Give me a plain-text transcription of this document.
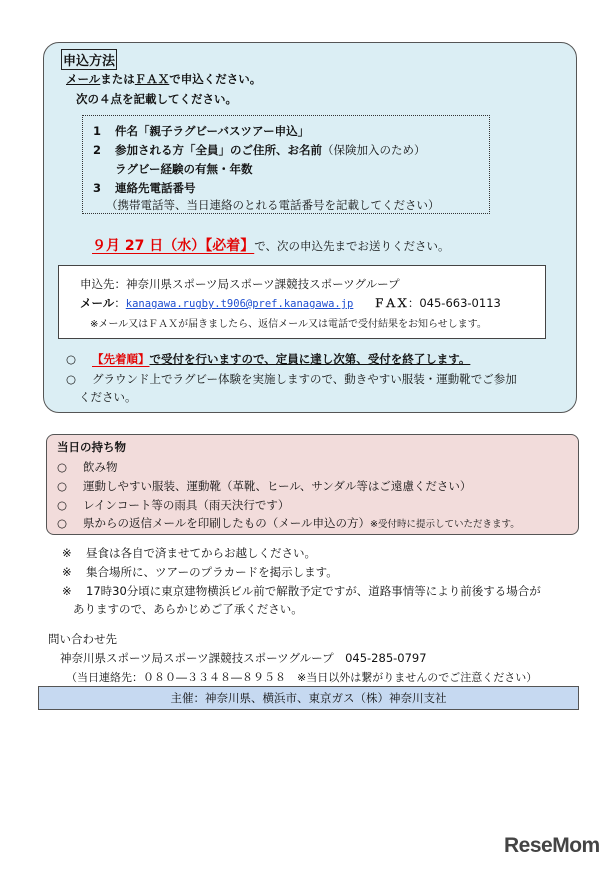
申込方法
メールまたはＦＡＸで申込ください。
次の４点を記載してください。
1 件名「親子ラグビーバスツアー申込」
2 参加される方「全員」のご住所、お名前（保険加入のため）
ラグビー経験の有無・年数
3 連絡先電話番号
（携帯電話等、当日連絡のとれる電話番号を記載してください）
９月 27 日（水）【必着】で、次の申込先までお送りください。
申込先：神奈川県スポーツ局スポーツ課競技スポーツグループ
メール：kanagawa.rugby.t906@pref.kanagawa.jp ＦＡＸ：045-663-0113
※メール又はＦＡＸが届きましたら、返信メール又は電話で受付結果をお知らせします。
○ 【先着順】で受付を行いますので、定員に達し次第、受付を終了します。
○ グラウンド上でラグビー体験を実施しますので、動きやすい服装・運動靴でご参加
ください。
当日の持ち物
○ 飲み物
○ 運動しやすい服装、運動靴（革靴、ヒール、サンダル等はご遠慮ください）
○ レインコート等の雨具（雨天決行です）
○ 県からの返信メールを印刷したもの（メール申込の方）※受付時に提示していただきます。
※ 昼食は各自で済ませてからお越しください。
※ 集合場所に、ツアーのプラカードを掲示します。
※ 17時30分頃に東京建物横浜ビル前で解散予定ですが、道路事情等により前後する場合が
ありますので、あらかじめご了承ください。
問い合わせ先
神奈川県スポーツ局スポーツ課競技スポーツグループ　045-285-0797
（当日連絡先：０８０―３３４８―８９５８　※当日以外は繋がりませんのでご注意ください）
主催：神奈川県、横浜市、東京ガス（株）神奈川支社
ReseMom
